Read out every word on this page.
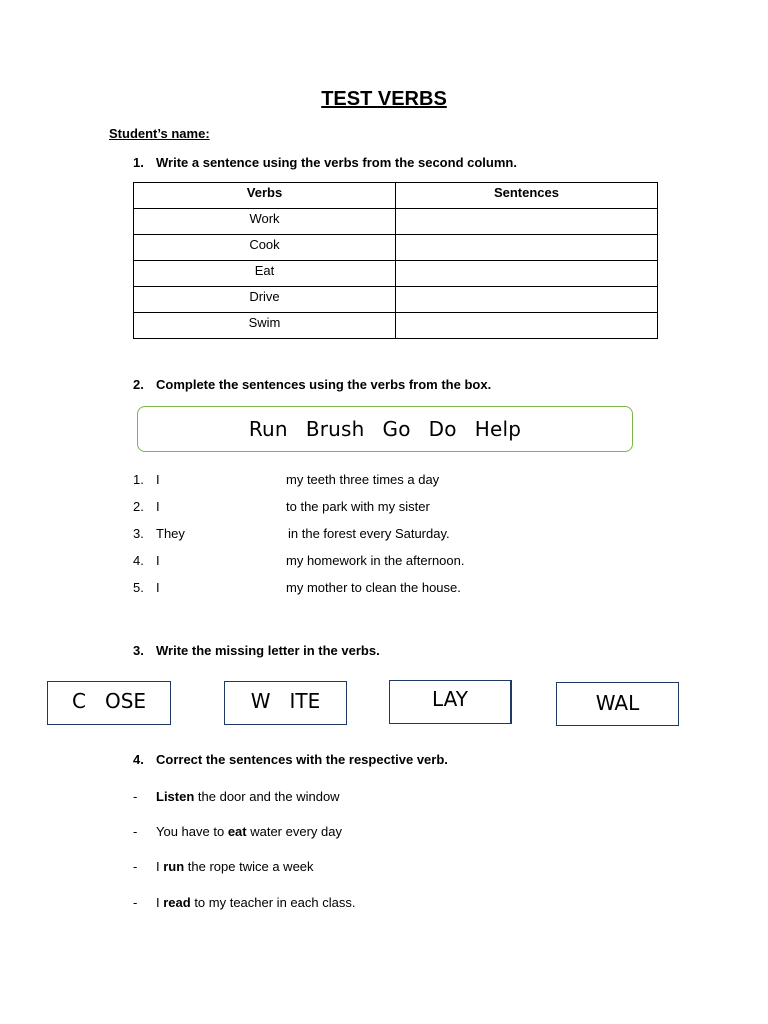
TEST VERBS
Student’s name:
1. Write a sentence using the verbs from the second column.
Verbs	Sentences
Work	
Cook	
Eat	
Drive	
Swim	
2. Complete the sentences using the verbs from the box.
Run Brush Go Do Help
1. I	my teeth three times a day
2. I	to the park with my sister
3. They	in the forest every Saturday.
4. I	my homework in the afternoon.
5. I	my mother to clean the house.
3. Write the missing letter in the verbs.
C   OSE	W   ITE	LAY	WAL
4. Correct the sentences with the respective verb.
- Listen the door and the window
- You have to eat water every day
- I run the rope twice a week
- I read to my teacher in each class.
